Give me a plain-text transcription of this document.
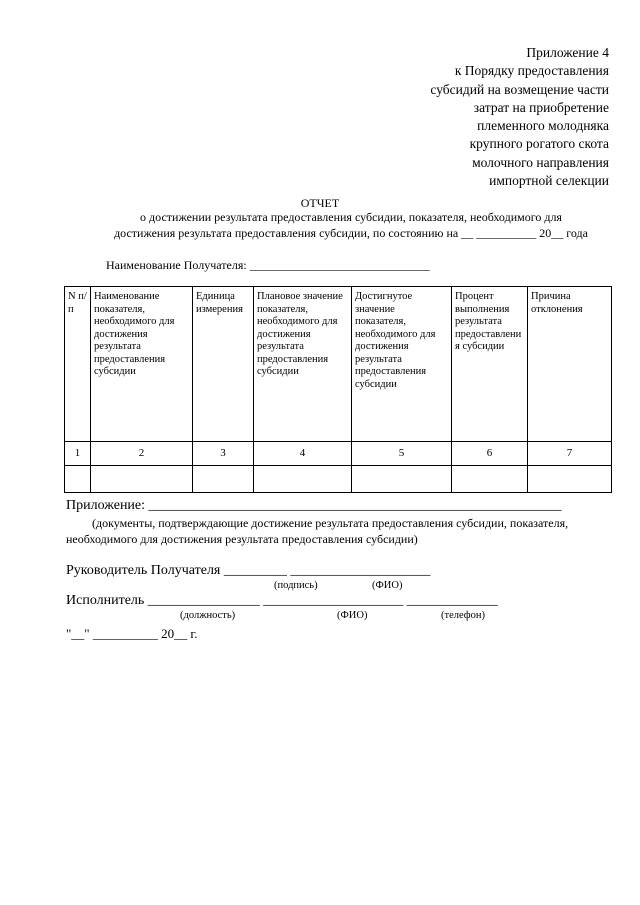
Приложение 4
к Порядку предоставления
субсидий на возмещение части
затрат на приобретение
племенного молодняка
крупного рогатого скота
молочного направления
импортной селекции
ОТЧЕТ
о достижении результата предоставления субсидии, показателя, необходимого для
достижения результата предоставления субсидии, по состоянию на __ __________ 20__ года
Наименование Получателя: ______________________________
N п/п	Наименование показателя, необходимого для достижения результата предоставления субсидии	Единица измерения	Плановое значение показателя, необходимого для достижения результата предоставления субсидии	Достигнутое значение показателя, необходимого для достижения результата предоставления субсидии	Процент выполнения результата предоставления субсидии	Причина отклонения
1	2	3	4	5	6	7

Приложение: ___________________________________________________________
(документы, подтверждающие достижение результата предоставления субсидии, показателя,
необходимого для достижения результата предоставления субсидии)
Руководитель Получателя _________ ____________________
(подпись)	(ФИО)
Исполнитель ________________ ____________________ _____________
(должность)	(ФИО)	(телефон)
"__" __________ 20__ г.
